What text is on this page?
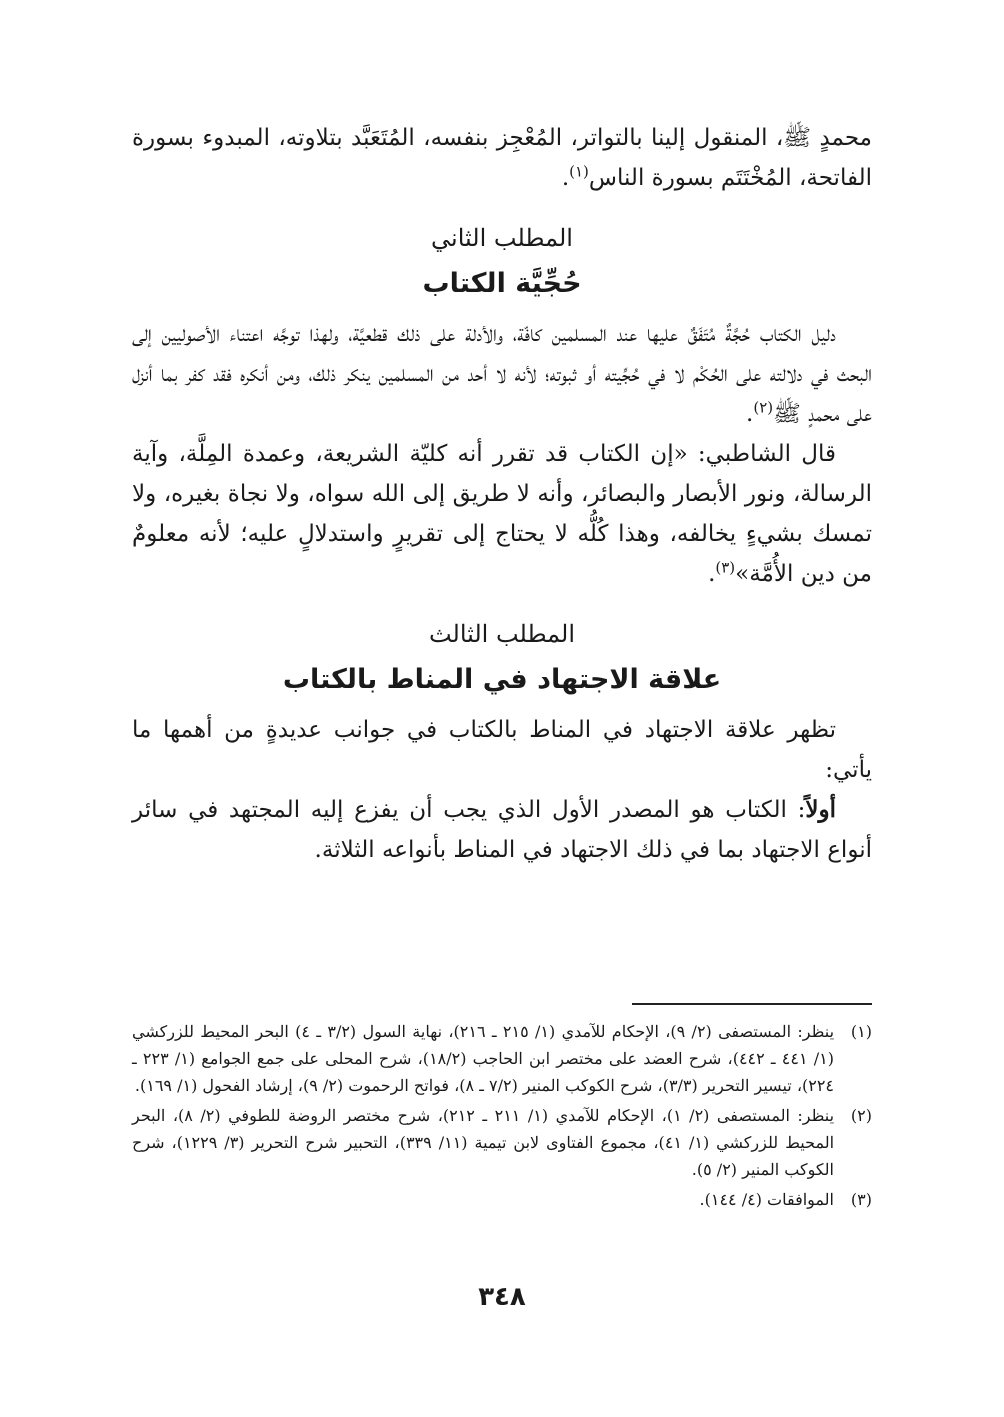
محمدٍ ﷺ، المنقول إلينا بالتواتر، المُعْجِز بنفسه، المُتَعَبَّد بتلاوته، المبدوء بسورة الفاتحة، المُخْتَتَم بسورة الناس$^{(١)}$.

المطلب الثاني
حُجِّيَّة الكتاب

دليل الكتاب حُجَّةٌ مُتَفَقٌ عليها عند المسلمين كافّة، والأدلة على ذلك قطعيَّة، ولهذا توجَّه اعتناء الأصوليين إلى البحث في دلالته على الحُكْم لا في حُجِّيته أو ثبوته؛ لأنه لا أحد من المسلمين ينكر ذلك، ومن أنكره فقد كفر بما أنزل على محمدٍ ﷺ$^{(٢)}$.

قال الشاطبي: «إن الكتاب قد تقرر أنه كليّة الشريعة، وعمدة المِلَّة، وآية الرسالة، ونور الأبصار والبصائر، وأنه لا طريق إلى الله سواه، ولا نجاة بغيره، ولا تمسك بشيءٍ يخالفه، وهذا كُلُّه لا يحتاج إلى تقريرٍ واستدلالٍ عليه؛ لأنه معلومٌ من دين الأُمَّة»$^{(٣)}$.

المطلب الثالث
علاقة الاجتهاد في المناط بالكتاب

تظهر علاقة الاجتهاد في المناط بالكتاب في جوانب عديدةٍ من أهمها ما يأتي:

أولاً: الكتاب هو المصدر الأول الذي يجب أن يفزع إليه المجتهد في سائر أنواع الاجتهاد بما في ذلك الاجتهاد في المناط بأنواعه الثلاثة.

(١)
ينظر: المستصفى (٢/ ٩)، الإحكام للآمدي (١/ ٢١٥ ـ ٢١٦)، نهاية السول (٣/٢ ـ ٤) البحر المحيط للزركشي (١/ ٤٤١ ـ ٤٤٢)، شرح العضد على مختصر ابن الحاجب (١٨/٢)، شرح المحلى على جمع الجوامع (١/ ٢٢٣ ـ ٢٢٤)، تيسير التحرير (٣/٣)، شرح الكوكب المنير (٧/٢ ـ ٨)، فواتح الرحموت (٢/ ٩)، إرشاد الفحول (١/ ١٦٩).
(٢)
ينظر: المستصفى (٢/ ١)، الإحكام للآمدي (١/ ٢١١ ـ ٢١٢)، شرح مختصر الروضة للطوفي (٢/ ٨)، البحر المحيط للزركشي (١/ ٤١)، مجموع الفتاوى لابن تيمية (١١/ ٣٣٩)، التحبير شرح التحرير (٣/ ١٢٢٩)، شرح الكوكب المنير (٢/ ٥).
(٣)
الموافقات (٤/ ١٤٤).
٣٤٨
